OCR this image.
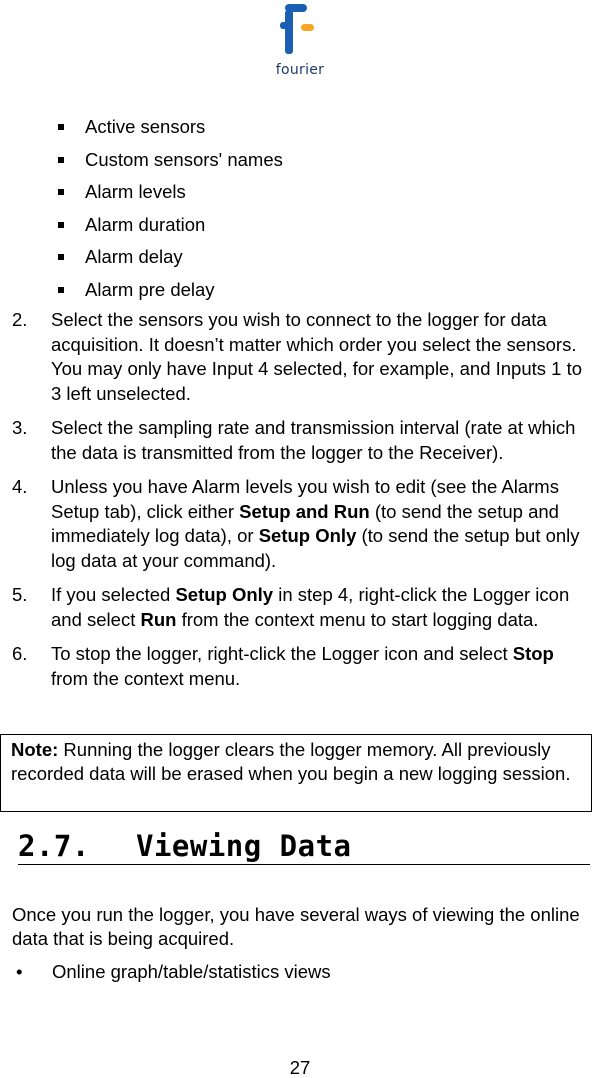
fourier
Active sensors
Custom sensors' names
Alarm levels
Alarm duration
Alarm delay
Alarm pre delay
2. Select the sensors you wish to connect to the logger for data acquisition. It doesn’t matter which order you select the sensors. You may only have Input 4 selected, for example, and Inputs 1 to 3 left unselected.
3. Select the sampling rate and transmission interval (rate at which the data is transmitted from the logger to the Receiver).
4. Unless you have Alarm levels you wish to edit (see the Alarms Setup tab), click either Setup and Run (to send the setup and immediately log data), or Setup Only (to send the setup but only log data at your command).
5. If you selected Setup Only in step 4, right-click the Logger icon and select Run from the context menu to start logging data.
6. To stop the logger, right-click the Logger icon and select Stop from the context menu.
Note: Running the logger clears the logger memory. All previously recorded data will be erased when you begin a new logging session.
2.7. Viewing Data
Once you run the logger, you have several ways of viewing the online data that is being acquired.
• Online graph/table/statistics views
27
